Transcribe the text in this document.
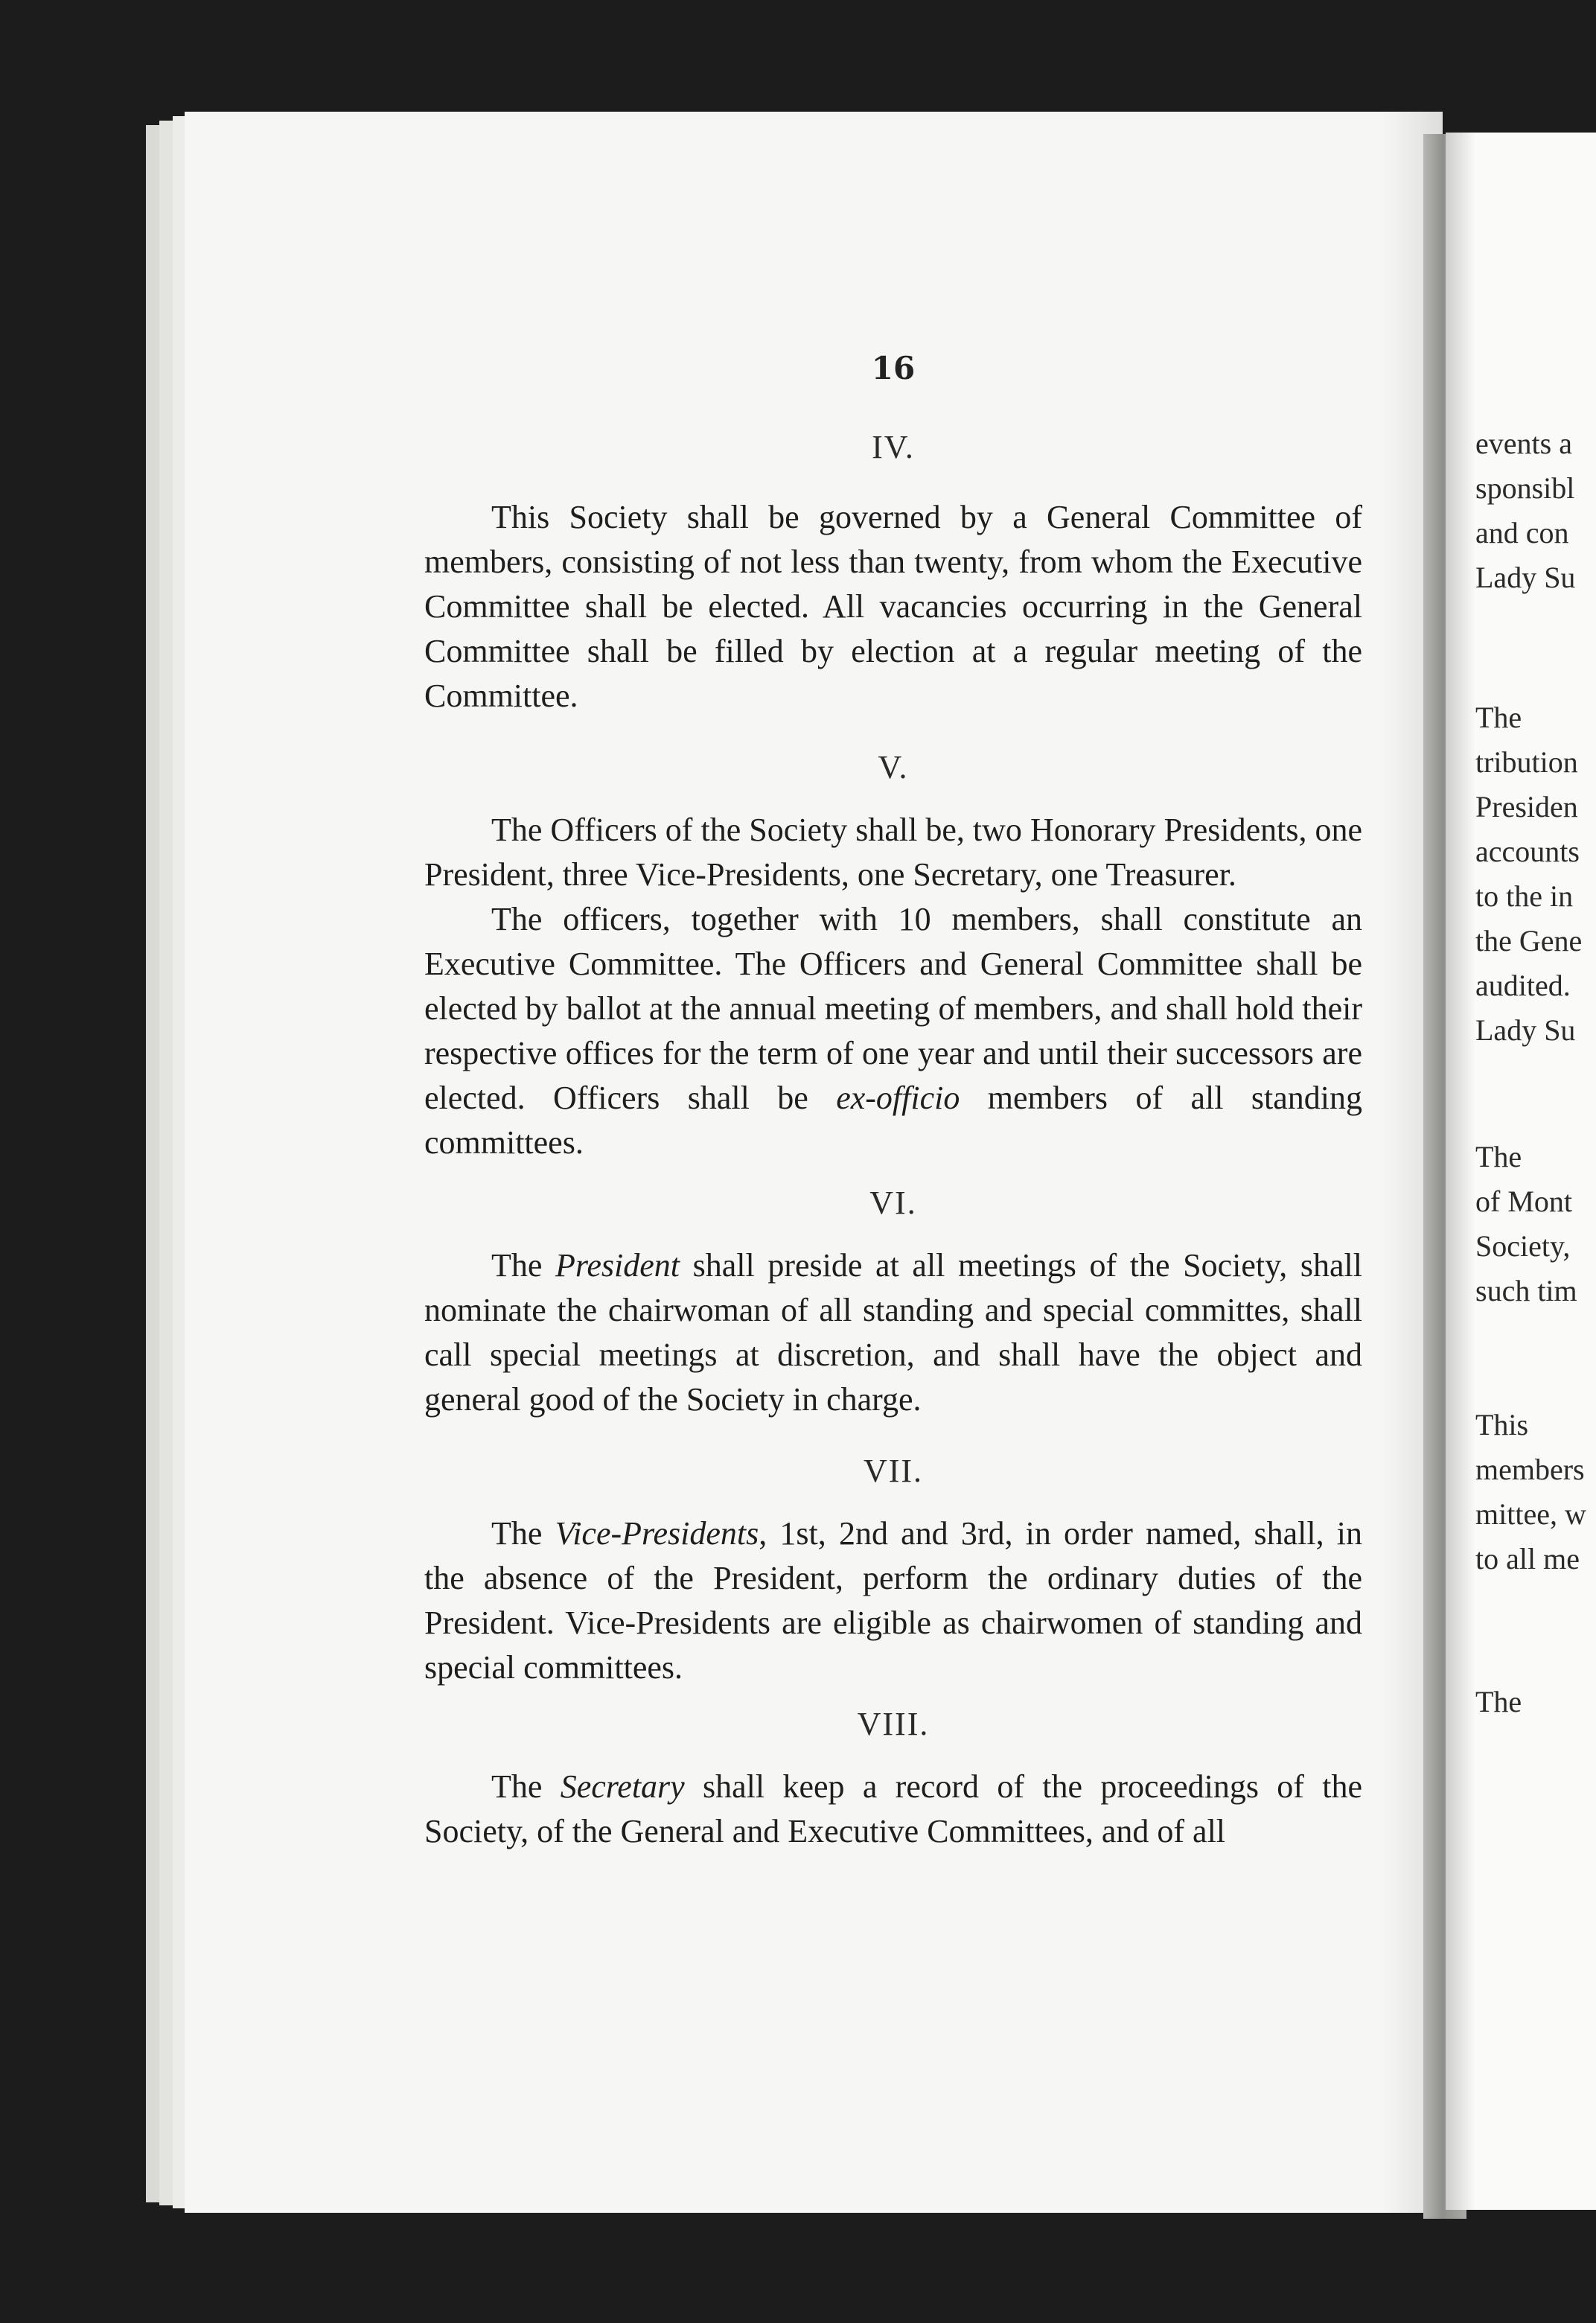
16
IV.
This Society shall be governed by a General Committee of members, consisting of not less than twenty, from whom the Executive Committee shall be elected. All vacancies occurring in the General Committee shall be filled by election at a regular meeting of the Committee.
V.
The Officers of the Society shall be, two Honorary Presidents, one President, three Vice-Presidents, one Secretary, one Treasurer.
The officers, together with 10 members, shall constitute an Executive Committee. The Officers and General Committee shall be elected by ballot at the annual meeting of members, and shall hold their respective offices for the term of one year and until their successors are elected. Officers shall be ex-officio members of all standing committees.
VI.
The President shall preside at all meetings of the Society, shall nominate the chairwoman of all standing and special committes, shall call special meetings at discretion, and shall have the object and general good of the Society in charge.
VII.
The Vice-Presidents, 1st, 2nd and 3rd, in order named, shall, in the absence of the President, perform the ordinary duties of the President. Vice-Presidents are eligible as chairwomen of standing and special committees.
VIII.
The Secretary shall keep a record of the proceedings of the Society, of the General and Executive Committees, and of all
events a
sponsibl
and con
Lady Su
The
tribution
Presiden
accounts
to the in
the Gene
audited.
Lady Su
The
of Mont
Society,
such tim
This
members
mittee, w
to all me
The
